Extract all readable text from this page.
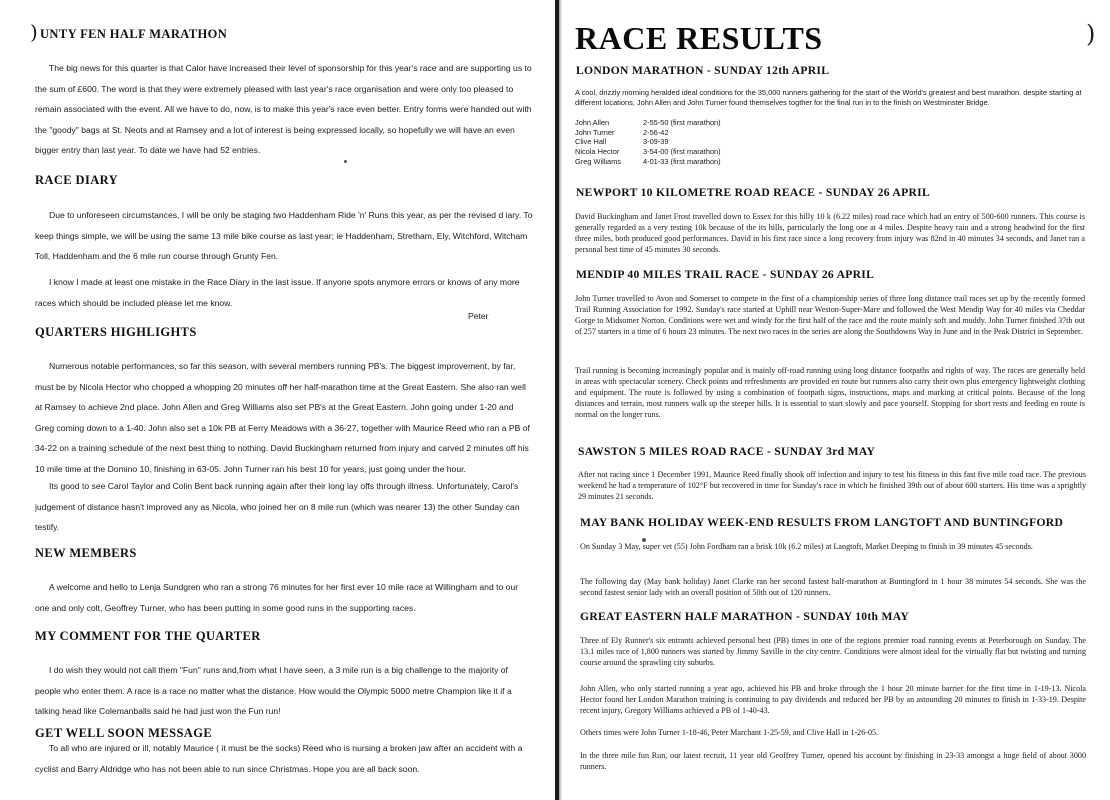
) UNTY FEN HALF MARATHON

The big news for this quarter is that Calor have increased their level of sponsorship for this year's race and are supporting us to the sum of £600. The word is that they were extremely pleased with last year's race organisation and were only too pleased to remain associated with the event. All we have to do, now, is to make this year's race even better. Entry forms were handed out with the "goody" bags at St. Neots and at Ramsey and a lot of interest is being expressed locally, so hopefully we will have an even bigger entry than last year. To date we have had 52 entries.

RACE DIARY

Due to unforeseen circumstances, I will be only be staging two Haddenham Ride 'n' Runs this year, as per the revised d iary. To keep things simple, we will be using the same 13 mile bike course as last year; ie Haddenham, Stretham, Ely, Witchford, Witcham Toll, Haddenham and the 6 mile run course through Grunty Fen.

I know I made at least one mistake in the Race Diary in the last issue. If anyone spots anymore errors or knows of any more races which should be included please let me know.

Peter
QUARTERS HIGHLIGHTS

Numerous notable performances, so far this season, with several members running PB's. The biggest improvement, by far, must be by Nicola Hector who chopped a whopping 20 minutes off her half-marathon time at the Great Eastern. She also ran well at Ramsey to achieve 2nd place. John Allen and Greg Williams also set PB's at the Great Eastern. John going under 1-20 and Greg coming down to a 1-40. John also set a 10k PB at Ferry Meadows with a 36-27, together with Maurice Reed who ran a PB of 34-22 on a training schedule of the next best thing to nothing. David Buckingham returned from injury and carved 2 minutes off his 10 mile time at the Domino 10, finishing in 63-05. John Turner ran his best 10 for years, just going under the hour.

Its good to see Carol Taylor and Colin Bent back running again after their long lay offs through illness. Unfortunately, Carol's judgement of distance hasn't improved any as Nicola, who joined her on 8 mile run (which was nearer 13) the other Sunday can testify.

NEW MEMBERS

A welcome and hello to Lenja Sundgren who ran a strong 76 minutes for her first ever 10 mile race at Willingham and to our one and only colt, Geoffrey Turner, who has been putting in some good runs in the supporting races.

MY COMMENT FOR THE QUARTER

I do wish they would not call them "Fun" runs and,from what I have seen, a 3 mile run is a big challenge to the majority of people who enter them. A race is a race no matter what the distance. How would the Olympic 5000 metre Champion like it if a talking head like Colemanballs said he had just won the Fun run!

GET WELL SOON MESSAGE

To all who are injured or ill, notably Maurice ( it must be the socks) Reed who is nursing a broken jaw after an accident with a cyclist and Barry Aldridge who has not been able to run since Christmas. Hope you are all back soon.

RACE RESULTS	)
LONDON MARATHON - SUNDAY 12th APRIL

A cool, drizzly morning heralded ideal conditions for the 35,000 runners gathering for the start of the World's greatest and best marathon. despite starting at different locations, John Allen and John Turner found themselves togther for the final run in to the finish on Westminster Bridge.

John Allen	2-55-50 (first marathon)
John Turner	2-56-42
Clive Hall	3-09-39
Nicola Hector	3-54-00 (first marathon)
Greg Williams	4-01-33 (first marathon)
NEWPORT 10 KILOMETRE ROAD REACE - SUNDAY 26 APRIL

David Buckingham and Janet Frost travelled down to Essex for this hilly 10 k (6.22 miles) road race which had an entry of 500-600 runners. This course is generally regarded as a very testing 10k because of the its hills, particularly the long one at 4 miles. Despite heavy rain and a strong headwind for the first three miles, both produced good performances. David in his first race since a long recovery from injury was 82nd in 40 minutes 34 seconds, and Janet ran a personal best time of 45 minutes 30 seconds.

MENDIP 40 MILES TRAIL RACE - SUNDAY 26 APRIL

John Turner travelled to Avon and Somerset to compete in the first of a championship series of three long distance trail races set up by the recently formed Trail Running Association for 1992. Sunday's race started at Uphill near Weston-Super-Mare and followed the West Mendip Way for 40 miles via Cheddar Gorge to Midsomer Norton. Conditions were wet and windy for the first half of the race and the route mainly soft and muddy. John Turner finished 37th out of 257 starters in a time of 6 hours 23 minutes. The next two races in the series are along the Southdowns Way in June and in the Peak District in September.

Trail running is becoming increasingly popular and is mainly off-road running using long distance footpaths and rights of way. The races are generally held in areas with spectacular scenery. Check points and refreshments are provided en route but runners also carry their own plus emergency lightweight clothing and equipment. The route is followed by using a combination of footpath signs, instructions, maps and marking at critical points. Because of the long distances and terrain, most runners walk up the steeper hills. It is essential to start slowly and pace yourself. Stopping for short rests and feeding en route is normal on the longer runs.

SAWSTON 5 MILES ROAD RACE - SUNDAY 3rd MAY

After not racing since 1 December 1991, Maurice Reed finally shook off infection and injury to test his fitness in this fast five mile road race. The previous weekend he had a temperature of 102°F but recovered in time for Sunday's race in which he finished 39th out of about 600 starters. His time was a sprightly 29 minutes 21 seconds.

MAY BANK HOLIDAY WEEK-END RESULTS FROM LANGTOFT AND BUNTINGFORD

On Sunday 3 May, super vet (55) John Fordham ran a brisk 10k (6.2 miles) at Langtoft, Market Deeping to finish in 39 minutes 45 seconds.

The following day (May bank holiday) Janet Clarke ran her second fastest half-marathon at Buntingford in 1 hour 38 minutes 54 seconds. She was the second fastest senior lady with an overall position of 50th out of 120 runners.

GREAT EASTERN HALF MARATHON - SUNDAY 10th MAY

Three of Ely Runner's six entrants achieved personal best (PB) times in one of the regions premier road running events at Peterborough on Sunday. The 13.1 miles race of 1,800 runners was started by Jimmy Saville in the city centre. Conditions were almost ideal for the virtually flat but twisting and turning course around the sprawling city suburbs.

John Allen, who only started running a year ago, achieved his PB and broke through the 1 hour 20 minute barrier for the first time in 1-19-13. Nicola Hector found her London Marathon training is continuing to pay dividends and reduced her PB by an astounding 20 minutes to finish in 1-33-19. Despite recent injury, Gregory Williams achieved a PB of 1-40-43.

Others times were John Turner 1-18-46, Peter Marchant 1-25-59, and Clive Hall in 1-26-05.

In the three mile fun Run, our latest recruit, 11 year old Geoffrey Turner, opened his account by finishing in 23-33 amongst a huge field of about 3000 runners.
